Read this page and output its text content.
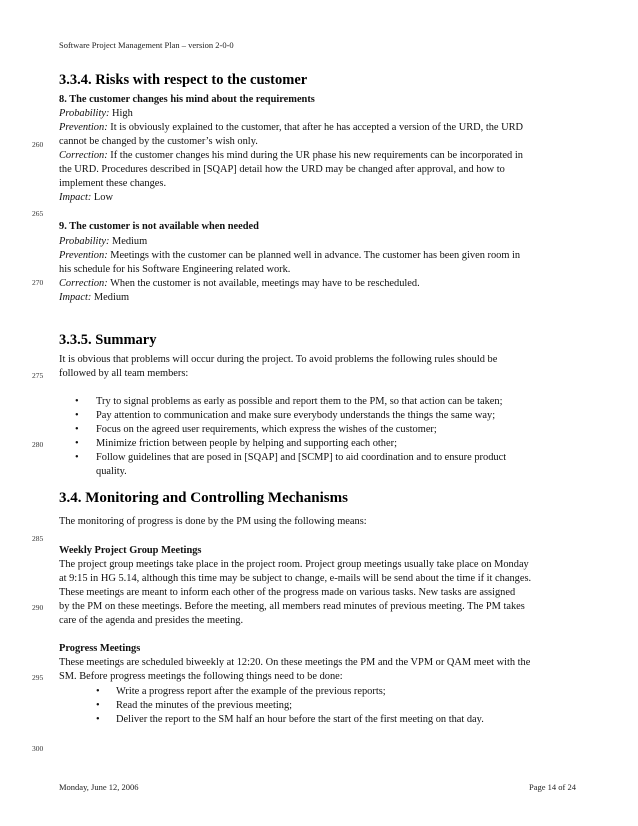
Software Project Management Plan – version 2-0-0
260
265
270
275
280
285
290
295
300
3.3.4. Risks with respect to the customer
8. The customer changes his mind about the requirements
Probability: High
Prevention: It is obviously explained to the customer, that after he has accepted a version of the URD, the URD
cannot be changed by the customer’s wish only.
Correction: If the customer changes his mind during the UR phase his new requirements can be incorporated in
the URD. Procedures described in [SQAP] detail how the URD may be changed after approval, and how to
implement these changes.
Impact: Low
9. The customer is not available when needed
Probability: Medium
Prevention: Meetings with the customer can be planned well in advance. The customer has been given room in
his schedule for his Software Engineering related work.
Correction: When the customer is not available, meetings may have to be rescheduled.
Impact: Medium
3.3.5. Summary
It is obvious that problems will occur during the project. To avoid problems the following rules should be
followed by all team members:
• Try to signal problems as early as possible and report them to the PM, so that action can be taken;
• Pay attention to communication and make sure everybody understands the things the same way;
• Focus on the agreed user requirements, which express the wishes of the customer;
• Minimize friction between people by helping and supporting each other;
• Follow guidelines that are posed in [SQAP] and [SCMP] to aid coordination and to ensure product
quality.
3.4. Monitoring and Controlling Mechanisms
The monitoring of progress is done by the PM using the following means:
Weekly Project Group Meetings
The project group meetings take place in the project room. Project group meetings usually take place on Monday
at 9:15 in HG 5.14, although this time may be subject to change, e-mails will be send about the time if it changes.
These meetings are meant to inform each other of the progress made on various tasks. New tasks are assigned
by the PM on these meetings. Before the meeting, all members read minutes of previous meeting. The PM takes
care of the agenda and presides the meeting.
Progress Meetings
These meetings are scheduled biweekly at 12:20. On these meetings the PM and the VPM or QAM meet with the
SM. Before progress meetings the following things need to be done:
• Write a progress report after the example of the previous reports;
• Read the minutes of the previous meeting;
• Deliver the report to the SM half an hour before the start of the first meeting on that day.
Monday, June 12, 2006	Page 14 of 24
